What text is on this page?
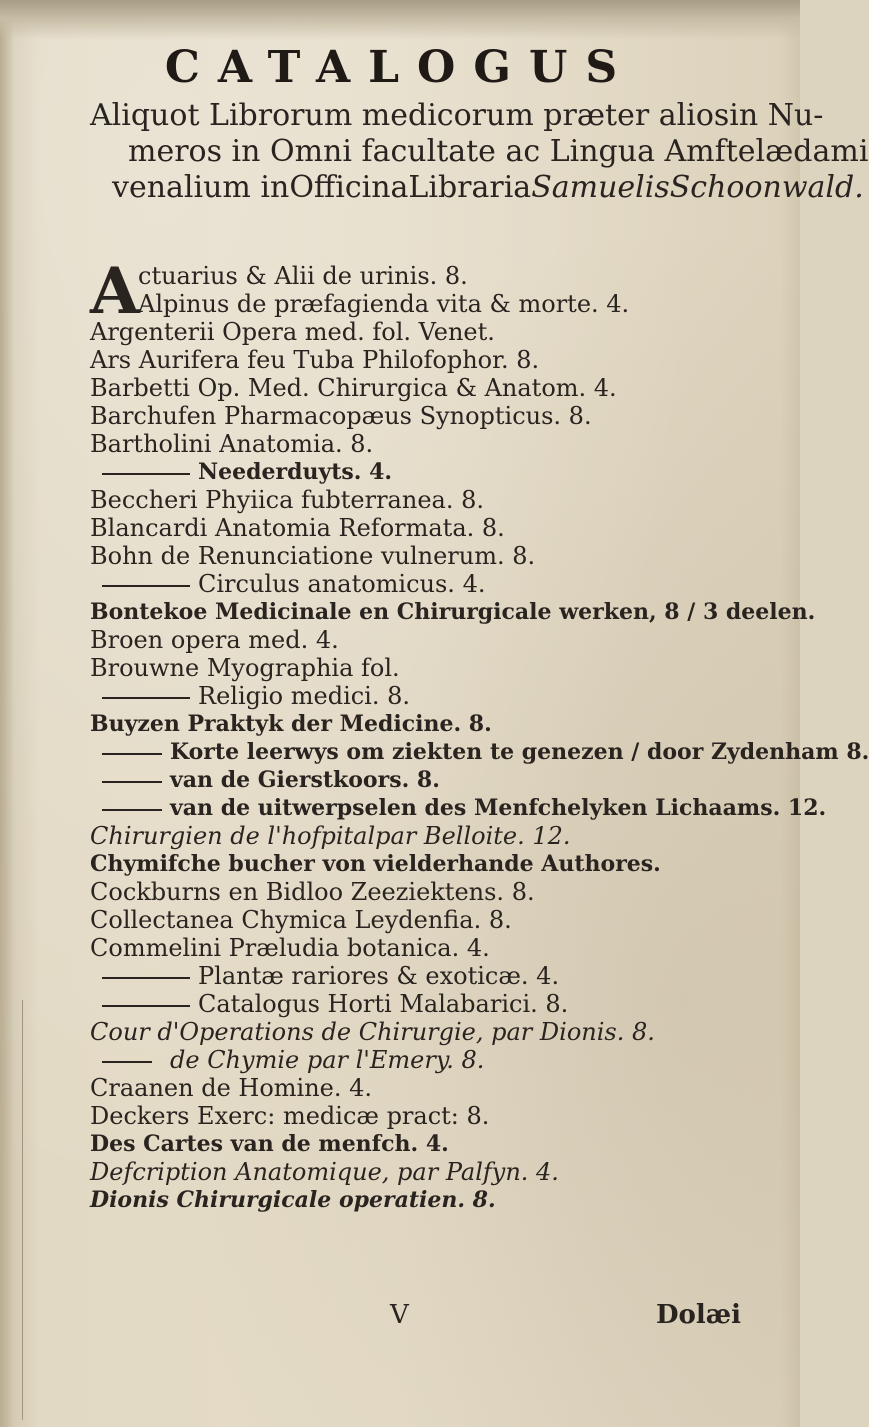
CATALOGUS
Aliquot Librorum medicorum præter aliosin Nu-
meros in Omni facultate ac Lingua Amftelædami
venalium inOfficinaLibrariaSamuelisSchoonwald.
A
ctuarius & Alii de urinis. 8.
Alpinus de præfagienda vita & morte. 4.
Argenterii Opera med. fol. Venet.
Ars Aurifera feu Tuba Philofophor. 8.
Barbetti Op. Med. Chirurgica & Anatom. 4.
Barchufen Pharmacopæus Synopticus. 8.
Bartholini Anatomia. 8.
Neederduyts. 4.
Beccheri Phyiica fubterranea. 8.
Blancardi Anatomia Reformata. 8.
Bohn de Renunciatione vulnerum. 8.
Circulus anatomicus. 4.
Bontekoe Medicinale en Chirurgicale werken, 8 / 3 deelen.
Broen opera med. 4.
Brouwne Myographia fol.
Religio medici. 8.
Buyzen Praktyk der Medicine. 8.
Korte leerwys om ziekten te genezen / door Zydenham 8.
van de Gierstkoors. 8.
van de uitwerpselen des Menfchelyken Lichaams. 12.
Chirurgien de l'hofpitalpar Belloite. 12.
Chymifche bucher von vielderhande Authores.
Cockburns en Bidloo Zeeziektens. 8.
Collectanea Chymica Leydenfia. 8.
Commelini Præludia botanica. 4.
Plantæ rariores & exoticæ. 4.
Catalogus Horti Malabarici. 8.
Cour d'Operations de Chirurgie, par Dionis. 8.
de Chymie par l'Emery. 8.
Craanen de Homine. 4.
Deckers Exerc: medicæ pract: 8.
Des Cartes van de menfch. 4.
Defcription Anatomique, par Palfyn. 4.
Dionis Chirurgicale operatien. 8.
V	Dolæi
